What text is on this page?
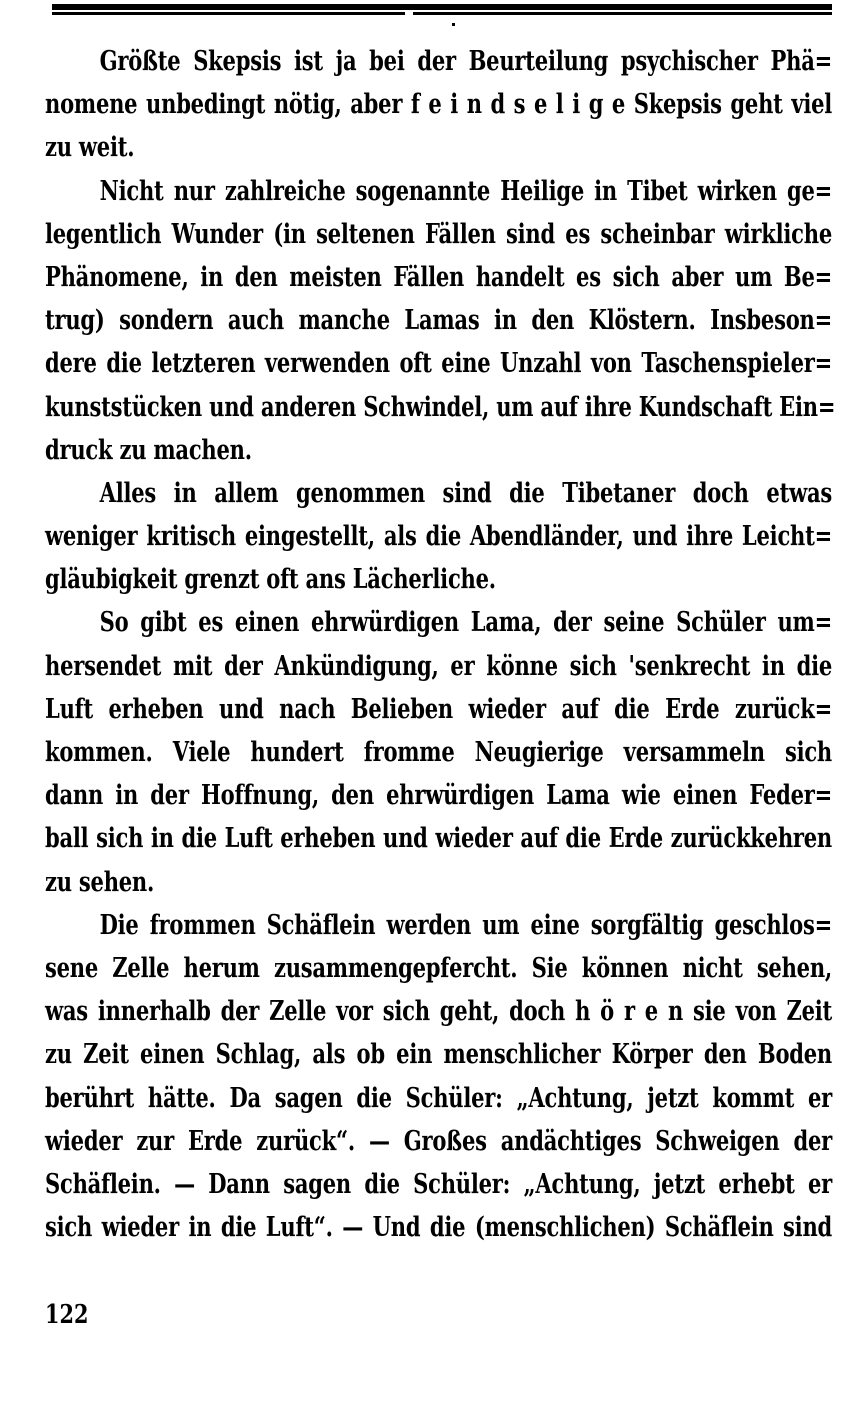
Größte Skepsis ist ja bei der Beurteilung psychischer Phä=
nomene unbedingt nötig, aber f e i n d s e l i g e Skepsis geht viel
zu weit.
Nicht nur zahlreiche sogenannte Heilige in Tibet wirken ge=
legentlich Wunder (in seltenen Fällen sind es scheinbar wirkliche
Phänomene, in den meisten Fällen handelt es sich aber um Be=
trug) sondern auch manche Lamas in den Klöstern. Insbeson=
dere die letzteren verwenden oft eine Unzahl von Taschenspieler=
kunststücken und anderen Schwindel, um auf ihre Kundschaft Ein=
druck zu machen.
Alles in allem genommen sind die Tibetaner doch etwas
weniger kritisch eingestellt, als die Abendländer, und ihre Leicht=
gläubigkeit grenzt oft ans Lächerliche.
So gibt es einen ehrwürdigen Lama, der seine Schüler um=
hersendet mit der Ankündigung, er könne sich 'senkrecht in die
Luft erheben und nach Belieben wieder auf die Erde zurück=
kommen. Viele hundert fromme Neugierige versammeln sich
dann in der Hoffnung, den ehrwürdigen Lama wie einen Feder=
ball sich in die Luft erheben und wieder auf die Erde zurückkehren
zu sehen.
Die frommen Schäflein werden um eine sorgfältig geschlos=
sene Zelle herum zusammengepfercht. Sie können nicht sehen,
was innerhalb der Zelle vor sich geht, doch h ö r e n sie von Zeit
zu Zeit einen Schlag, als ob ein menschlicher Körper den Boden
berührt hätte. Da sagen die Schüler: „Achtung, jetzt kommt er
wieder zur Erde zurück“. — Großes andächtiges Schweigen der
Schäflein. — Dann sagen die Schüler: „Achtung, jetzt erhebt er
sich wieder in die Luft“. — Und die (menschlichen) Schäflein sind
122
